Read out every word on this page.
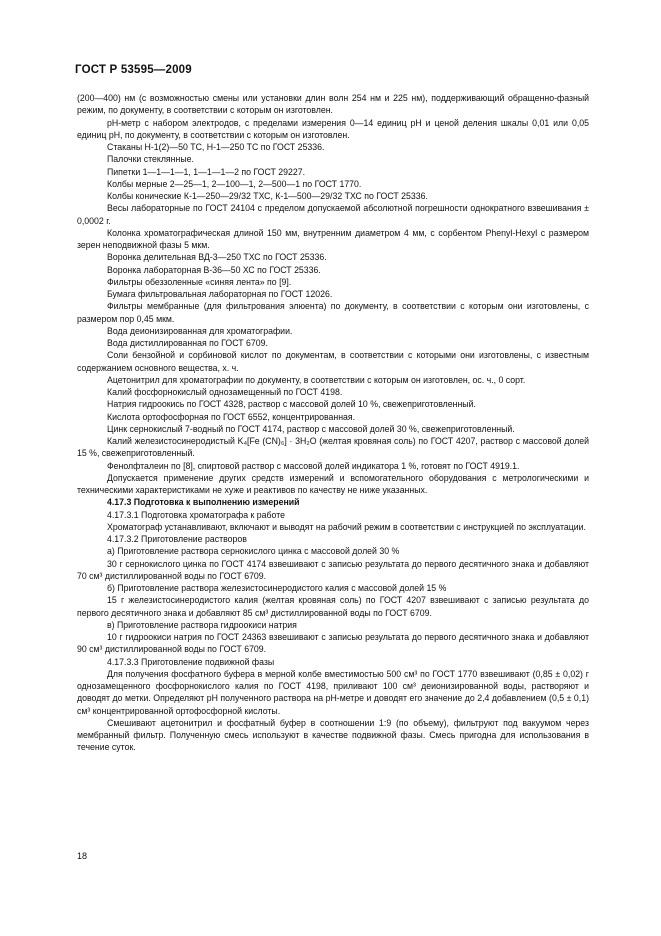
ГОСТ Р 53595—2009

(200—400) нм (с возможностью смены или установки длин волн 254 нм и 225 нм), поддерживающий обращенно-фазный режим, по документу, в соответствии с которым он изготовлен.

pH-метр с набором электродов, с пределами измерения 0—14 единиц pH и ценой деления шкалы 0,01 или 0,05 единиц pH, по документу, в соответствии с которым он изготовлен.

Стаканы Н-1(2)—50 ТС, Н-1—250 ТС по ГОСТ 25336.

Палочки стеклянные.

Пипетки 1—1—1—1, 1—1—1—2 по ГОСТ 29227.

Колбы мерные 2—25—1, 2—100—1, 2—500—1 по ГОСТ 1770.

Колбы конические К-1—250—29/32 ТХС, К-1—500—29/32 ТХС по ГОСТ 25336.

Весы лабораторные по ГОСТ 24104 с пределом допускаемой абсолютной погрешности однократного взвешивания ± 0,0002 г.

Колонка хроматографическая длиной 150 мм, внутренним диаметром 4 мм, с сорбентом Phenyl-Hexyl с размером зерен неподвижной фазы 5 мкм.

Воронка делительная ВД-3—250 ТХС по ГОСТ 25336.

Воронка лабораторная В-36—50 ХС по ГОСТ 25336.

Фильтры обеззоленные «синяя лента» по [9].

Бумага фильтровальная лабораторная по ГОСТ 12026.

Фильтры мембранные (для фильтрования элюента) по документу, в соответствии с которым они изготовлены, с размером пор 0,45 мкм.

Вода деионизированная для хроматографии.

Вода дистиллированная по ГОСТ 6709.

Соли бензойной и сорбиновой кислот по документам, в соответствии с которыми они изготовлены, с известным содержанием основного вещества, х. ч.

Ацетонитрил для хроматографии по документу, в соответствии с которым он изготовлен, ос. ч., 0 сорт.

Калий фосфорнокислый однозамещенный по ГОСТ 4198.

Натрия гидроокись по ГОСТ 4328, раствор с массовой долей 10 %, свежеприготовленный.

Кислота ортофосфорная по ГОСТ 6552, концентрированная.

Цинк сернокислый 7-водный по ГОСТ 4174, раствор с массовой долей 30 %, свежеприготовленный.

Калий железистосинеродистый K₄[Fe (CN)₆] · 3H₂O (желтая кровяная соль) по ГОСТ 4207, раствор с массовой долей 15 %, свежеприготовленный.

Фенолфталеин по [8], спиртовой раствор с массовой долей индикатора 1 %, готовят по ГОСТ 4919.1.

Допускается применение других средств измерений и вспомогательного оборудования с метрологическими и техническими характеристиками не хуже и реактивов по качеству не ниже указанных.

4.17.3 Подготовка к выполнению измерений

4.17.3.1 Подготовка хроматографа к работе

Хроматограф устанавливают, включают и выводят на рабочий режим в соответствии с инструкцией по эксплуатации.

4.17.3.2 Приготовление растворов

а) Приготовление раствора сернокислого цинка с массовой долей 30 %

30 г сернокислого цинка по ГОСТ 4174 взвешивают с записью результата до первого десятичного знака и добавляют 70 см³ дистиллированной воды по ГОСТ 6709.

б) Приготовление раствора железистосинеродистого калия с массовой долей 15 %

15 г железистосинеродистого калия (желтая кровяная соль) по ГОСТ 4207 взвешивают с записью результата до первого десятичного знака и добавляют 85 см³ дистиллированной воды по ГОСТ 6709.

в) Приготовление раствора гидроокиси натрия

10 г гидроокиси натрия по ГОСТ 24363 взвешивают с записью результата до первого десятичного знака и добавляют 90 см³ дистиллированной воды по ГОСТ 6709.

4.17.3.3 Приготовление подвижной фазы

Для получения фосфатного буфера в мерной колбе вместимостью 500 см³ по ГОСТ 1770 взвешивают (0,85 ± 0,02) г однозамещенного фосфорнокислого калия по ГОСТ 4198, приливают 100 см³ деионизированной воды, растворяют и доводят до метки. Определяют pH полученного раствора на pH-метре и доводят его значение до 2,4 добавлением (0,5 ± 0,1) см³ концентрированной ортофосфорной кислоты.

Смешивают ацетонитрил и фосфатный буфер в соотношении 1:9 (по объему), фильтруют под вакуумом через мембранный фильтр. Полученную смесь используют в качестве подвижной фазы. Смесь пригодна для использования в течение суток.

18
